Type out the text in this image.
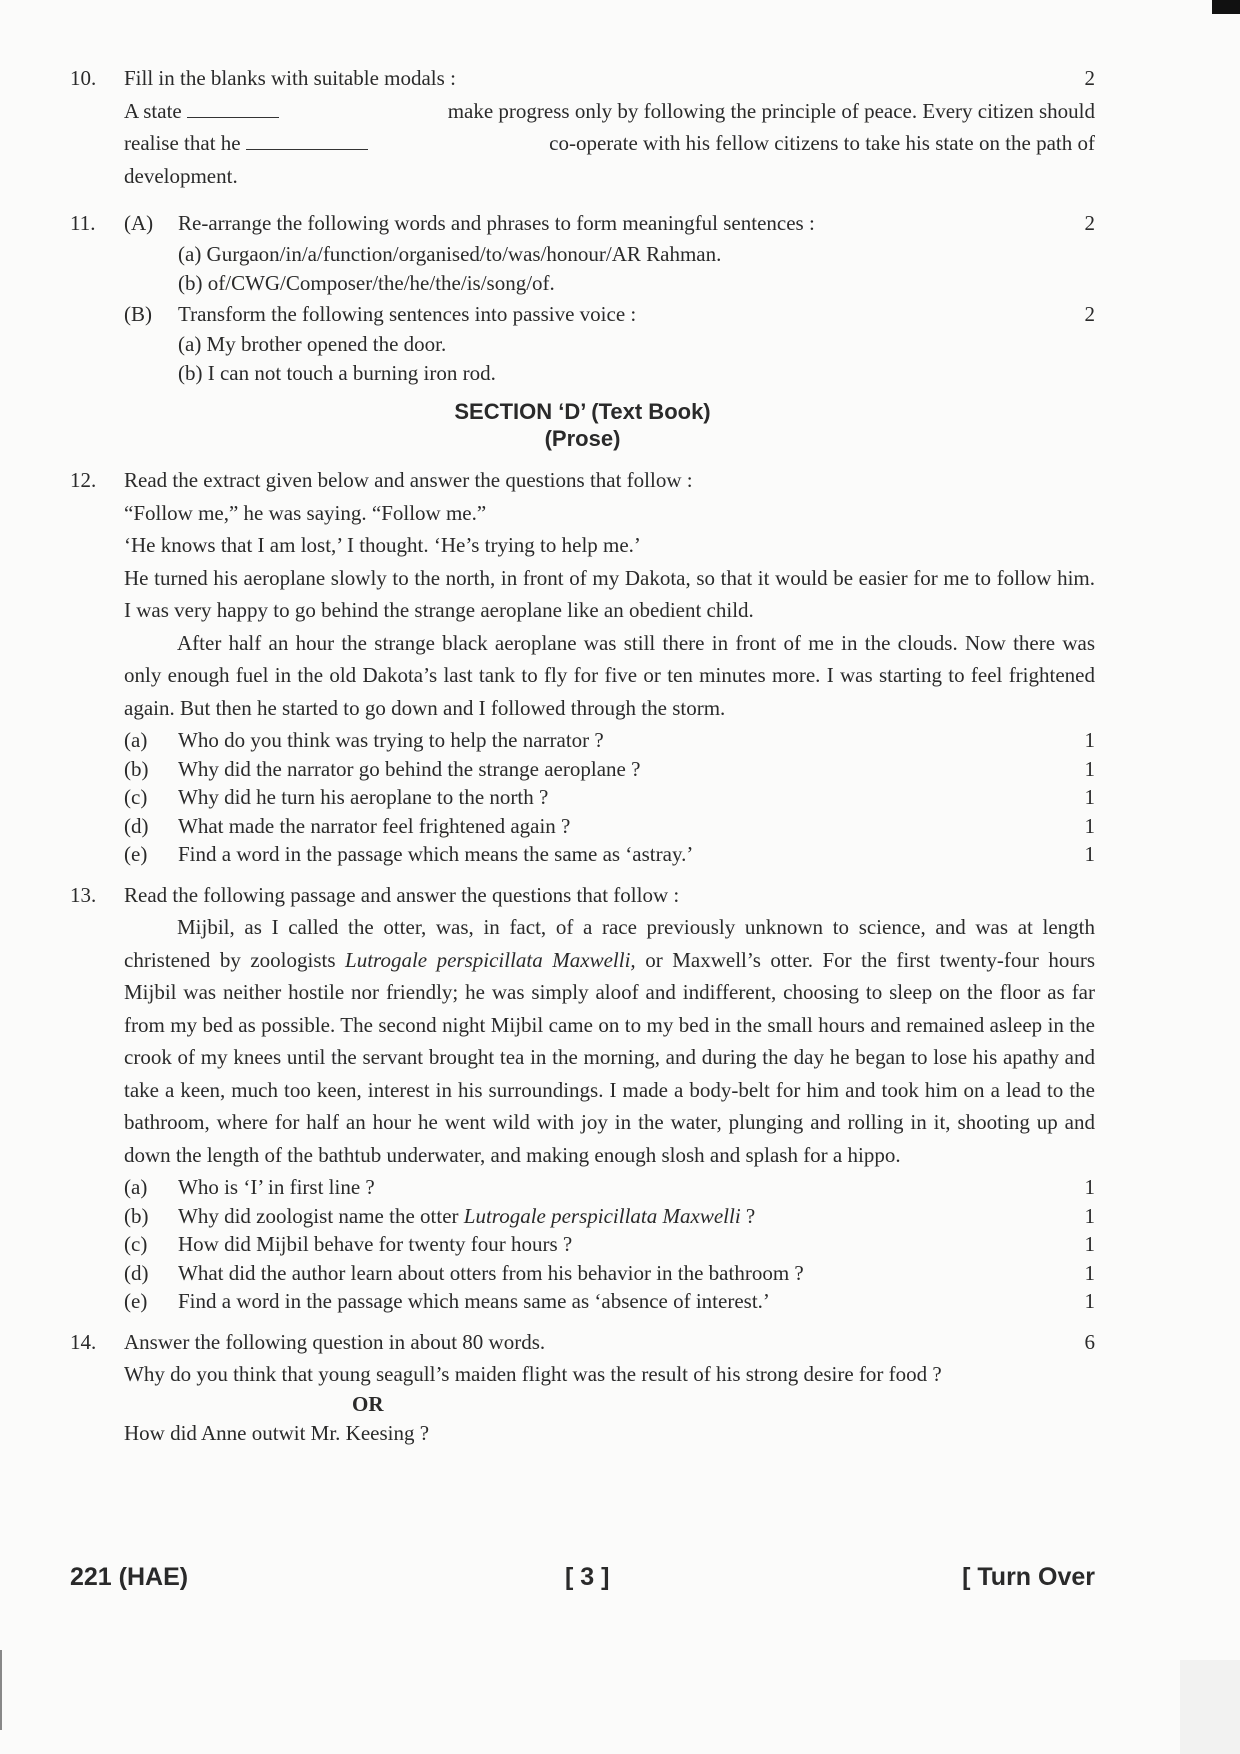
10. Fill in the blanks with suitable modals :	2
A state	make progress only by following the principle of peace. Every citizen should
realise that he	co-operate with his fellow citizens to take his state on the path of
development.
11. (A) Re-arrange the following words and phrases to form meaningful sentences :	2
(a) Gurgaon/in/a/function/organised/to/was/honour/AR Rahman.
(b) of/CWG/Composer/the/he/the/is/song/of.
(B) Transform the following sentences into passive voice :	2
(a) My brother opened the door.
(b) I can not touch a burning iron rod.
SECTION ‘D’ (Text Book)
(Prose)
12. Read the extract given below and answer the questions that follow :
“Follow me,” he was saying. “Follow me.”
‘He knows that I am lost,’ I thought. ‘He’s trying to help me.’
He turned his aeroplane slowly to the north, in front of my Dakota, so that it would be easier for me to follow him. I was very happy to go behind the strange aeroplane like an obedient child.
After half an hour the strange black aeroplane was still there in front of me in the clouds. Now there was only enough fuel in the old Dakota’s last tank to fly for five or ten minutes more. I was starting to feel frightened again. But then he started to go down and I followed through the storm.
(a) Who do you think was trying to help the narrator ?	1
(b) Why did the narrator go behind the strange aeroplane ?	1
(c) Why did he turn his aeroplane to the north ?	1
(d) What made the narrator feel frightened again ?	1
(e) Find a word in the passage which means the same as ‘astray.’	1
13. Read the following passage and answer the questions that follow :
Mijbil, as I called the otter, was, in fact, of a race previously unknown to science, and was at length christened by zoologists Lutrogale perspicillata Maxwelli, or Maxwell’s otter. For the first twenty-four hours Mijbil was neither hostile nor friendly; he was simply aloof and indifferent, choosing to sleep on the floor as far from my bed as possible. The second night Mijbil came on to my bed in the small hours and remained asleep in the crook of my knees until the servant brought tea in the morning, and during the day he began to lose his apathy and take a keen, much too keen, interest in his surroundings. I made a body-belt for him and took him on a lead to the bathroom, where for half an hour he went wild with joy in the water, plunging and rolling in it, shooting up and down the length of the bathtub underwater, and making enough slosh and splash for a hippo.
(a) Who is ‘I’ in first line ?	1
(b) Why did zoologist name the otter Lutrogale perspicillata Maxwelli ?	1
(c) How did Mijbil behave for twenty four hours ?	1
(d) What did the author learn about otters from his behavior in the bathroom ?	1
(e) Find a word in the passage which means same as ‘absence of interest.’	1
14. Answer the following question in about 80 words.	6
Why do you think that young seagull’s maiden flight was the result of his strong desire for food ?
OR
How did Anne outwit Mr. Keesing ?
221 (HAE)	[ 3 ]	[ Turn Over
